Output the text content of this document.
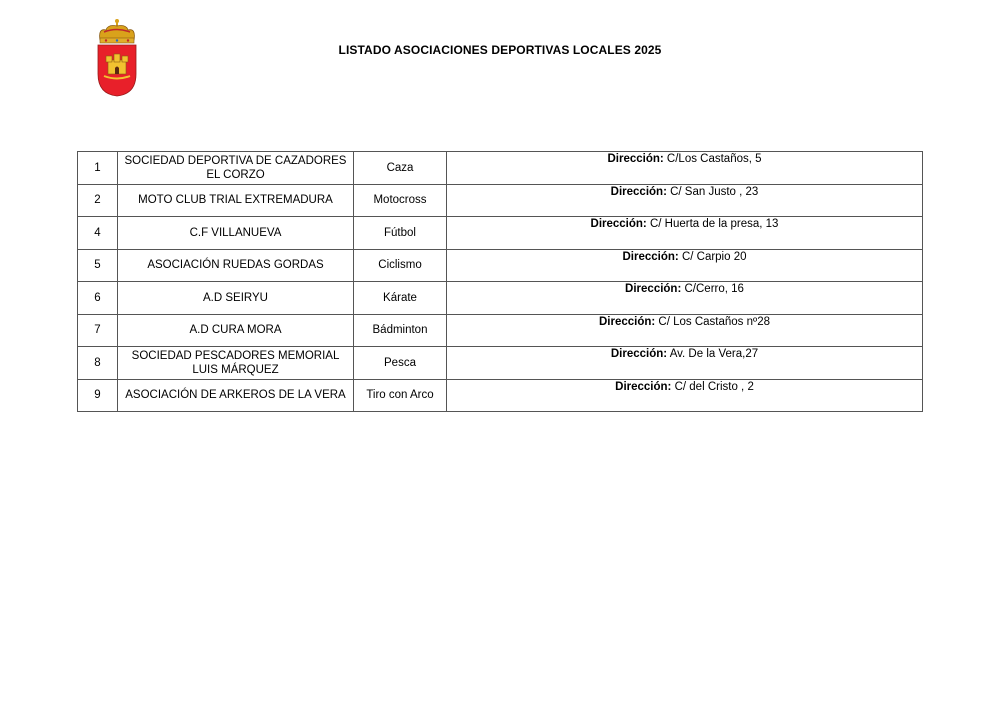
LISTADO ASOCIACIONES DEPORTIVAS LOCALES 2025
1	SOCIEDAD DEPORTIVA DE CAZADORES EL CORZO	Caza	Dirección: C/Los Castaños, 5
2	MOTO CLUB TRIAL EXTREMADURA	Motocross	Dirección: C/ San Justo , 23
4	C.F VILLANUEVA	Fútbol	Dirección: C/ Huerta de la presa, 13
5	ASOCIACIÓN RUEDAS GORDAS	Ciclismo	Dirección: C/ Carpio 20
6	A.D SEIRYU	Kárate	Dirección: C/Cerro, 16
7	A.D CURA MORA	Bádminton	Dirección: C/ Los Castaños nº28
8	SOCIEDAD PESCADORES MEMORIAL LUIS MÁRQUEZ	Pesca	Dirección: Av. De la Vera,27
9	ASOCIACIÓN DE ARKEROS DE LA VERA	Tiro con Arco	Dirección: C/ del Cristo , 2
